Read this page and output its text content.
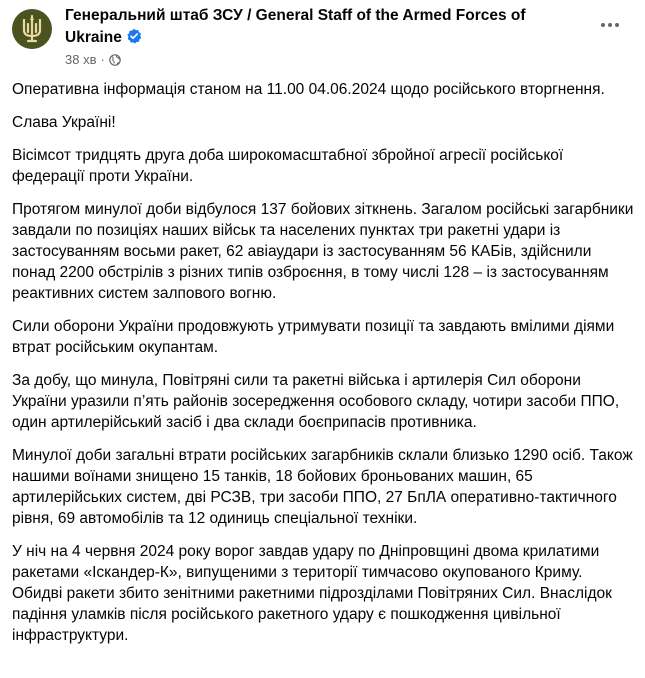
Генеральний штаб ЗСУ / General Staff of the Armed Forces of Ukraine
38 хв ·

Оперативна інформація станом на 11.00 04.06.2024 щодо російського вторгнення.

Слава Україні!

Вісімсот тридцять друга доба широкомасштабної збройної агресії російської федерації проти України.

Протягом минулої доби відбулося 137 бойових зіткнень. Загалом російські загарбники завдали по позиціях наших військ та населених пунктах три ракетні удари із застосуванням восьми ракет, 62 авіаудари із застосуванням 56 КАБів, здійснили понад 2200 обстрілів з різних типів озброєння, в тому числі 128 – із застосуванням реактивних систем залпового вогню.

Сили оборони України продовжують утримувати позиції та завдають вмілими діями втрат російським окупантам.

За добу, що минула, Повітряні сили та ракетні війська і артилерія Сил оборони України уразили п’ять районів зосередження особового складу, чотири засоби ППО, один артилерійський засіб і два склади боєприпасів противника.

Минулої доби загальні втрати російських загарбників склали близько 1290 осіб. Також нашими воїнами знищено 15 танків, 18 бойових броньованих машин, 65 артилерійських систем, дві РСЗВ, три засоби ППО, 27 БпЛА оперативно-тактичного рівня, 69 автомобілів та 12 одиниць спеціальної техніки.

У ніч на 4 червня 2024 року ворог завдав удару по Дніпровщині двома крилатими ракетами «Іскандер-К», випущеними з території тимчасово окупованого Криму. Обидві ракети збито зенітними ракетними підрозділами Повітряних Сил. Внаслідок падіння уламків після російського ракетного удару є пошкодження цивільної інфраструктури.
